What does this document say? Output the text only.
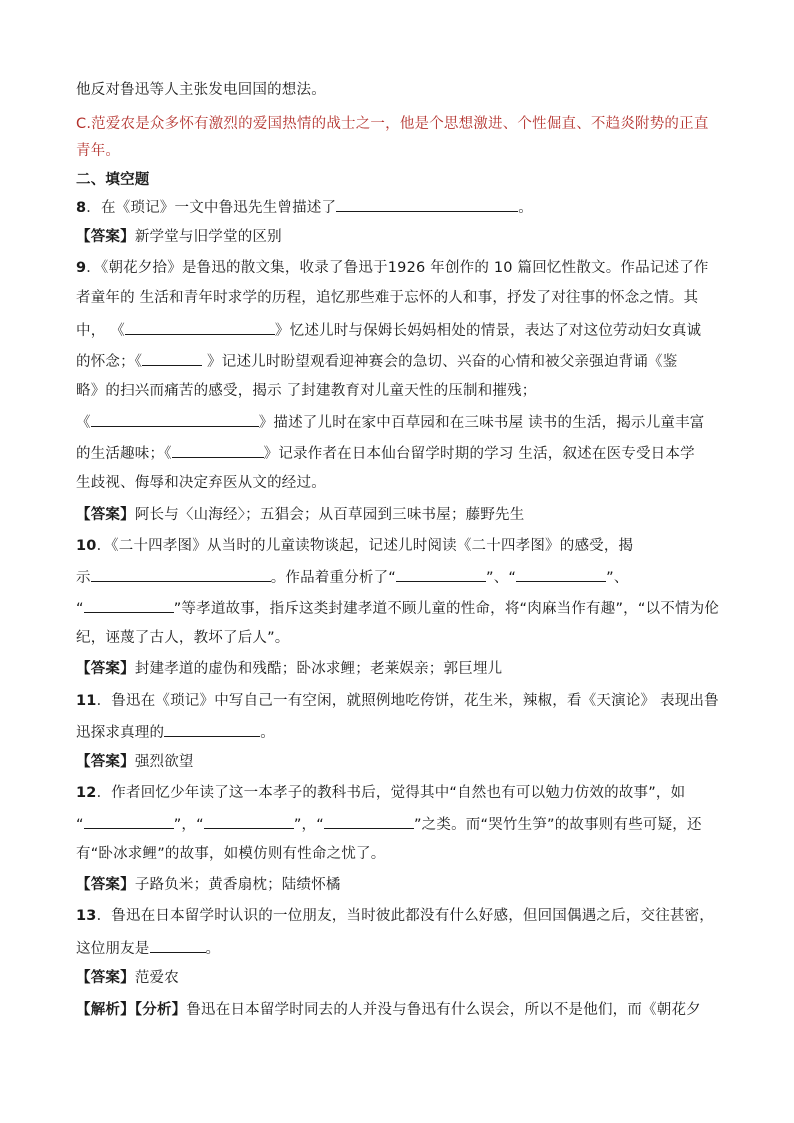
他反对鲁迅等人主张发电回国的想法。
C.范爱农是众多怀有激烈的爱国热情的战士之一，他是个思想激进、个性倔直、不趋炎附势的正直
青年。
二、填空题
8．在《琐记》一文中鲁迅先生曾描述了	。
【答案】新学堂与旧学堂的区别
9．《朝花夕拾》是鲁迅的散文集，收录了鲁迅于1926 年创作的 10 篇回忆性散文。作品记述了作
者童年的 生活和青年时求学的历程，追忆那些难于忘怀的人和事，抒发了对往事的怀念之情。其
中， 《	》忆述儿时与保姆长妈妈相处的情景，表达了对这位劳动妇女真诚
的怀念；《	》记述儿时盼望观看迎神赛会的急切、兴奋的心情和被父亲强迫背诵《鉴
略》的扫兴而痛苦的感受，揭示 了封建教育对儿童天性的压制和摧残；
《	》描述了儿时在家中百草园和在三味书屋 读书的生活，揭示儿童丰富
的生活趣味；《	》记录作者在日本仙台留学时期的学习 生活，叙述在医专受日本学
生歧视、侮辱和决定弃医从文的经过。
【答案】阿长与〈山海经〉；五猖会；从百草园到三味书屋；藤野先生
10．《二十四孝图》从当时的儿童读物谈起，记述儿时阅读《二十四孝图》的感受，揭
示	。作品着重分析了“	”、“	”、
“	”等孝道故事，指斥这类封建孝道不顾儿童的性命，将“肉麻当作有趣”，“以不情为伦
纪，诬蔑了古人，教坏了后人”。
【答案】封建孝道的虚伪和残酷；卧冰求鲤；老莱娱亲；郭巨埋儿
11．鲁迅在《琐记》中写自己一有空闲，就照例地吃侉饼，花生米，辣椒，看《天演论》 表现出鲁
迅探求真理的	。
【答案】强烈欲望
12．作者回忆少年读了这一本孝子的教科书后，觉得其中“自然也有可以勉力仿效的故事”，如
“	”，“	”，“	”之类。而“哭竹生笋”的故事则有些可疑，还
有“卧冰求鲤”的故事，如模仿则有性命之忧了。
【答案】子路负米；黄香扇枕；陆绩怀橘
13．鲁迅在日本留学时认识的一位朋友，当时彼此都没有什么好感，但回国偶遇之后，交往甚密，
这位朋友是	。
【答案】范爱农
【解析】【分析】鲁迅在日本留学时同去的人并没与鲁迅有什么误会，所以不是他们，而《朝花夕
